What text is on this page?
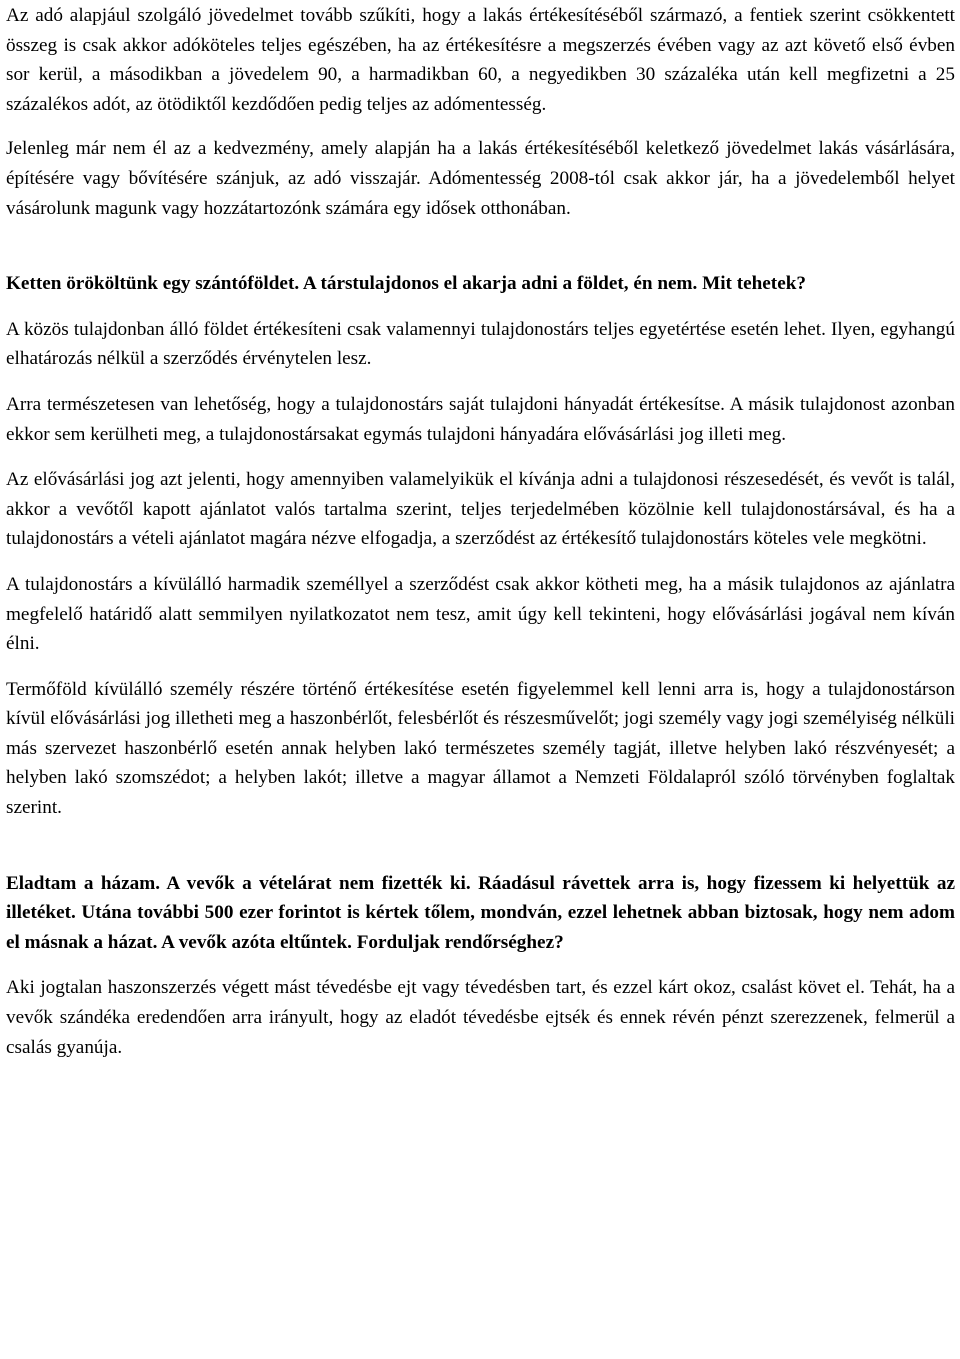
Az adó alapjául szolgáló jövedelmet tovább szűkíti, hogy a lakás értékesítéséből származó, a fentiek szerint csökkentett összeg is csak akkor adóköteles teljes egészében, ha az értékesítésre a megszerzés évében vagy az azt követő első évben sor kerül, a másodikban a jövedelem 90, a harmadikban 60, a negyedikben 30 százaléka után kell megfizetni a 25 százalékos adót, az ötödiktől kezdődően pedig teljes az adómentesség.

Jelenleg már nem él az a kedvezmény, amely alapján ha a lakás értékesítéséből keletkező jövedelmet lakás vásárlására, építésére vagy bővítésére szánjuk, az adó visszajár. Adómentesség 2008-tól csak akkor jár, ha a jövedelemből helyet vásárolunk magunk vagy hozzátartozónk számára egy idősek otthonában.

Ketten örököltünk egy szántóföldet. A társtulajdonos el akarja adni a földet, én nem. Mit tehetek?

A közös tulajdonban álló földet értékesíteni csak valamennyi tulajdonostárs teljes egyetértése esetén lehet. Ilyen, egyhangú elhatározás nélkül a szerződés érvénytelen lesz.

Arra természetesen van lehetőség, hogy a tulajdonostárs saját tulajdoni hányadát értékesítse. A másik tulajdonost azonban ekkor sem kerülheti meg, a tulajdonostársakat egymás tulajdoni hányadára elővásárlási jog illeti meg.

Az elővásárlási jog azt jelenti, hogy amennyiben valamelyikük el kívánja adni a tulajdonosi részesedését, és vevőt is talál, akkor a vevőtől kapott ajánlatot valós tartalma szerint, teljes terjedelmében közölnie kell tulajdonostársával, és ha a tulajdonostárs a vételi ajánlatot magára nézve elfogadja, a szerződést az értékesítő tulajdonostárs köteles vele megkötni.

A tulajdonostárs a kívülálló harmadik személlyel a szerződést csak akkor kötheti meg, ha a másik tulajdonos az ajánlatra megfelelő határidő alatt semmilyen nyilatkozatot nem tesz, amit úgy kell tekinteni, hogy elővásárlási jogával nem kíván élni.

Termőföld kívülálló személy részére történő értékesítése esetén figyelemmel kell lenni arra is, hogy a tulajdonostárson kívül elővásárlási jog illetheti meg a haszonbérlőt, felesbérlőt és részesművelőt; jogi személy vagy jogi személyiség nélküli más szervezet haszonbérlő esetén annak helyben lakó természetes személy tagját, illetve helyben lakó részvényesét; a helyben lakó szomszédot; a helyben lakót; illetve a magyar államot a Nemzeti Földalapról szóló törvényben foglaltak szerint.

Eladtam a házam. A vevők a vételárat nem fizették ki. Ráadásul rávettek arra is, hogy fizessem ki helyettük az illetéket. Utána további 500 ezer forintot is kértek tőlem, mondván, ezzel lehetnek abban biztosak, hogy nem adom el másnak a házat. A vevők azóta eltűntek. Forduljak rendőrséghez?

Aki jogtalan haszonszerzés végett mást tévedésbe ejt vagy tévedésben tart, és ezzel kárt okoz, csalást követ el. Tehát, ha a vevők szándéka eredendően arra irányult, hogy az eladót tévedésbe ejtsék és ennek révén pénzt szerezzenek, felmerül a csalás gyanúja.
